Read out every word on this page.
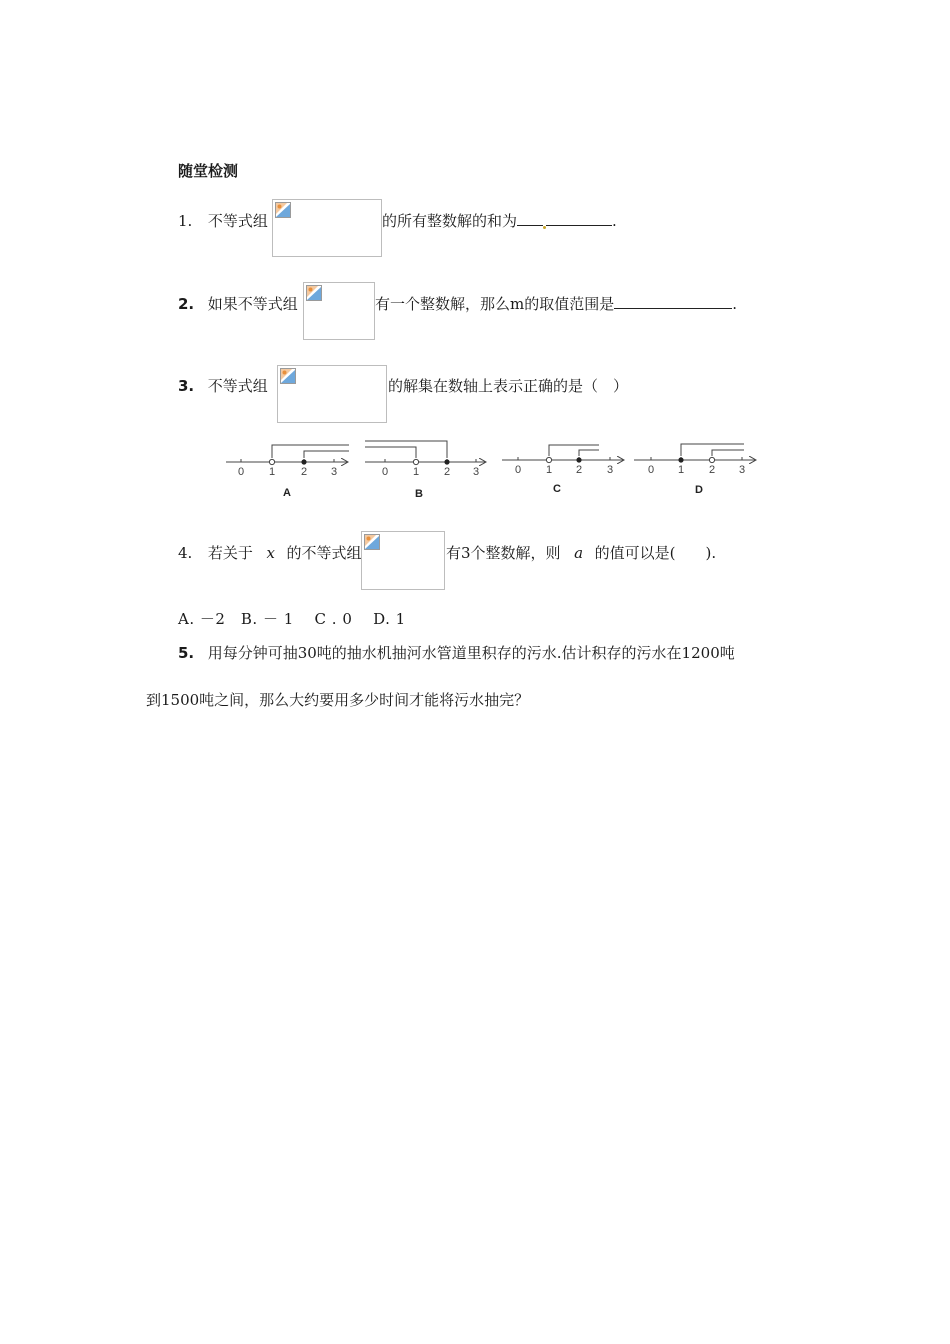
随堂检测
1. 不等式组	的所有整数解的和为	.
2. 如果不等式组	有一个整数解，那么m的取值范围是	.
3. 不等式组	的解集在数轴上表示正确的是（　）
0 1 2 3
A
0 1 2 3
B
0 1 2 3
C
0 1 2 3
D
4. 若关于 x 的不等式组	有3个整数解，则 a 的值可以是(　　).
A. －2　B. － 1　 C . 0　 D. 1
5. 用每分钟可抽30吨的抽水机抽河水管道里积存的污水.估计积存的污水在1200吨
到1500吨之间，那么大约要用多少时间才能将污水抽完？
